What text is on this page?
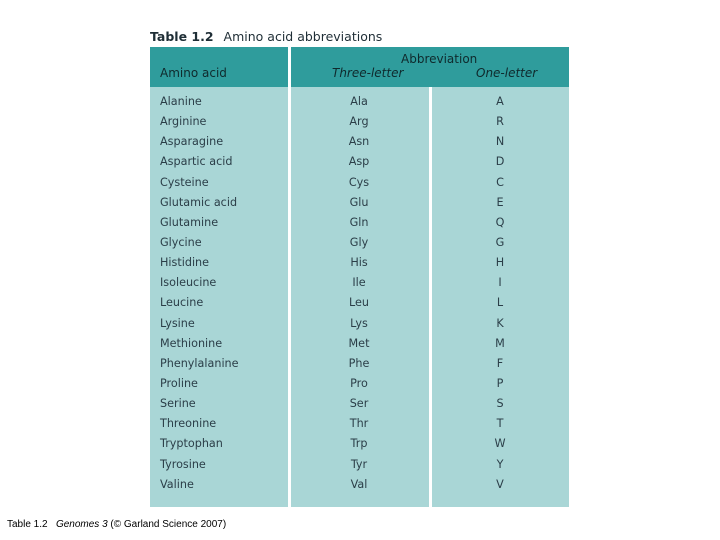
Table 1.2 Amino acid abbreviations
Amino acid
Abbreviation
Three-letter	One-letter
Alanine	Ala	A
Arginine	Arg	R
Asparagine	Asn	N
Aspartic acid	Asp	D
Cysteine	Cys	C
Glutamic acid	Glu	E
Glutamine	Gln	Q
Glycine	Gly	G
Histidine	His	H
Isoleucine	Ile	I
Leucine	Leu	L
Lysine	Lys	K
Methionine	Met	M
Phenylalanine	Phe	F
Proline	Pro	P
Serine	Ser	S
Threonine	Thr	T
Tryptophan	Trp	W
Tyrosine	Tyr	Y
Valine	Val	V
Table 1.2 Genomes 3 (© Garland Science 2007)
